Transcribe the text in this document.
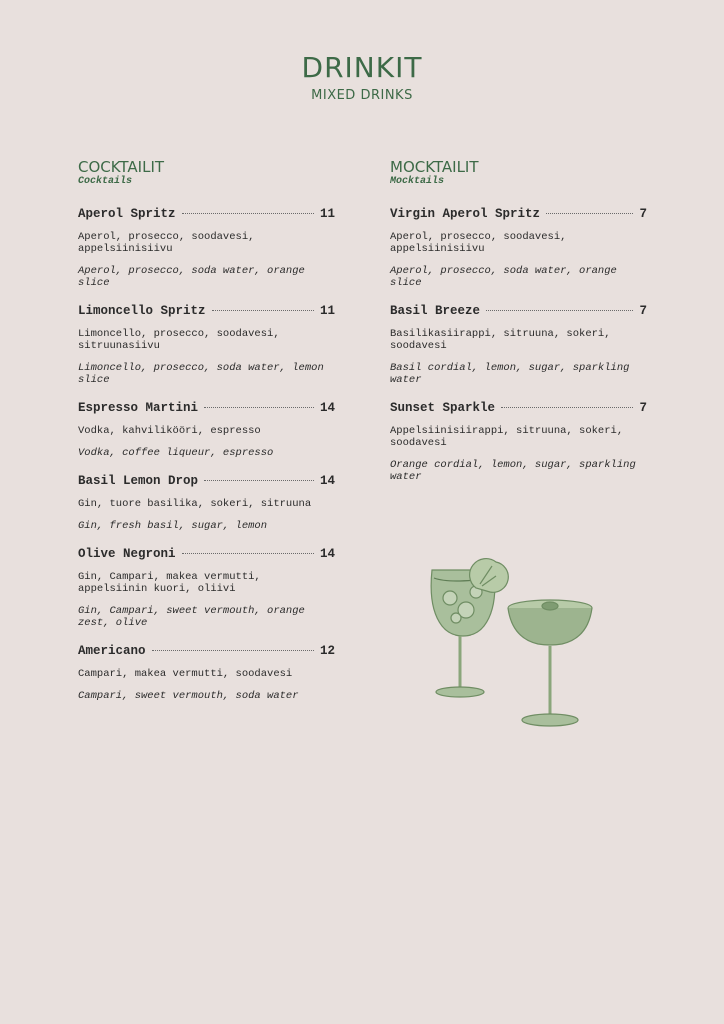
DRINKIT
MIXED DRINKS
COCKTAILIT
Cocktails
Aperol Spritz	11
Aperol, prosecco, soodavesi, appelsiinisiivu
Aperol, prosecco, soda water, orange slice
Limoncello Spritz	11
Limoncello, prosecco, soodavesi, sitruunasiivu
Limoncello, prosecco, soda water, lemon slice
Espresso Martini	14
Vodka, kahvilikööri, espresso
Vodka, coffee liqueur, espresso
Basil Lemon Drop	14
Gin, tuore basilika, sokeri, sitruuna
Gin, fresh basil, sugar, lemon
Olive Negroni	14
Gin, Campari, makea vermutti, appelsiinin kuori, oliivi
Gin, Campari, sweet vermouth, orange zest, olive
Americano	12
Campari, makea vermutti, soodavesi
Campari, sweet vermouth, soda water
MOCKTAILIT
Mocktails
Virgin Aperol Spritz	7
Aperol, prosecco, soodavesi, appelsiinisiivu
Aperol, prosecco, soda water, orange slice
Basil Breeze	7
Basilikasiirappi, sitruuna, sokeri, soodavesi
Basil cordial, lemon, sugar, sparkling water
Sunset Sparkle	7
Appelsiinisiirappi, sitruuna, sokeri, soodavesi
Orange cordial, lemon, sugar, sparkling water
